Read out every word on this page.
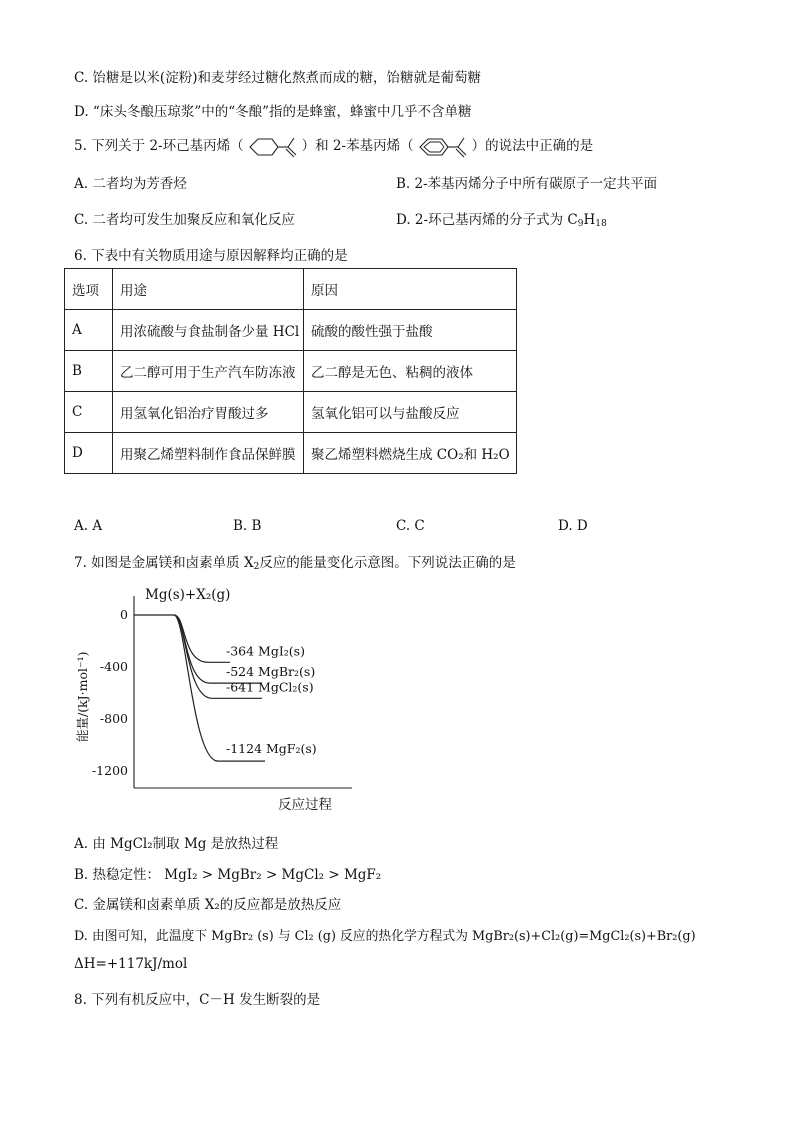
C. 饴糖是以米(淀粉)和麦芽经过糖化熬煮而成的糖，饴糖就是葡萄糖
D. “床头冬酿压琼浆”中的“冬酿”指的是蜂蜜，蜂蜜中几乎不含单糖
5. 下列关于 2-环己基丙烯（	）和 2-苯基丙烯（	）的说法中正确的是
A. 二者均为芳香烃	B. 2-苯基丙烯分子中所有碳原子一定共平面
C. 二者均可发生加聚反应和氧化反应	D. 2-环己基丙烯的分子式为 $C_9H_{18}$
6. 下表中有关物质用途与原因解释均正确的是
选项	用途	原因
A	用浓硫酸与食盐制备少量 HCl	硫酸的酸性强于盐酸
B	乙二醇可用于生产汽车防冻液	乙二醇是无色、粘稠的液体
C	用氢氧化铝治疗胃酸过多	氢氧化铝可以与盐酸反应
D	用聚乙烯塑料制作食品保鲜膜	聚乙烯塑料燃烧生成 CO₂和 H₂O
A. A	B. B	C. C	D. D
7. 如图是金属镁和卤素单质 $X_2$反应的能量变化示意图。下列说法正确的是
Mg(s)+X₂(g)
能量/(kJ·mol⁻¹)
反应过程
0
-400
-800
-1200
-364 MgI₂(s)
-524 MgBr₂(s)
-641 MgCl₂(s)
-1124 MgF₂(s)
A. 由 MgCl₂制取 Mg 是放热过程
B. 热稳定性： MgI₂ > MgBr₂ > MgCl₂ > MgF₂
C. 金属镁和卤素单质 X₂的反应都是放热反应
D. 由图可知，此温度下 MgBr₂ (s) 与 Cl₂ (g) 反应的热化学方程式为 MgBr₂(s)+Cl₂(g)=MgCl₂(s)+Br₂(g)
ΔH=+117kJ/mol
8. 下列有机反应中，C－H 发生断裂的是
